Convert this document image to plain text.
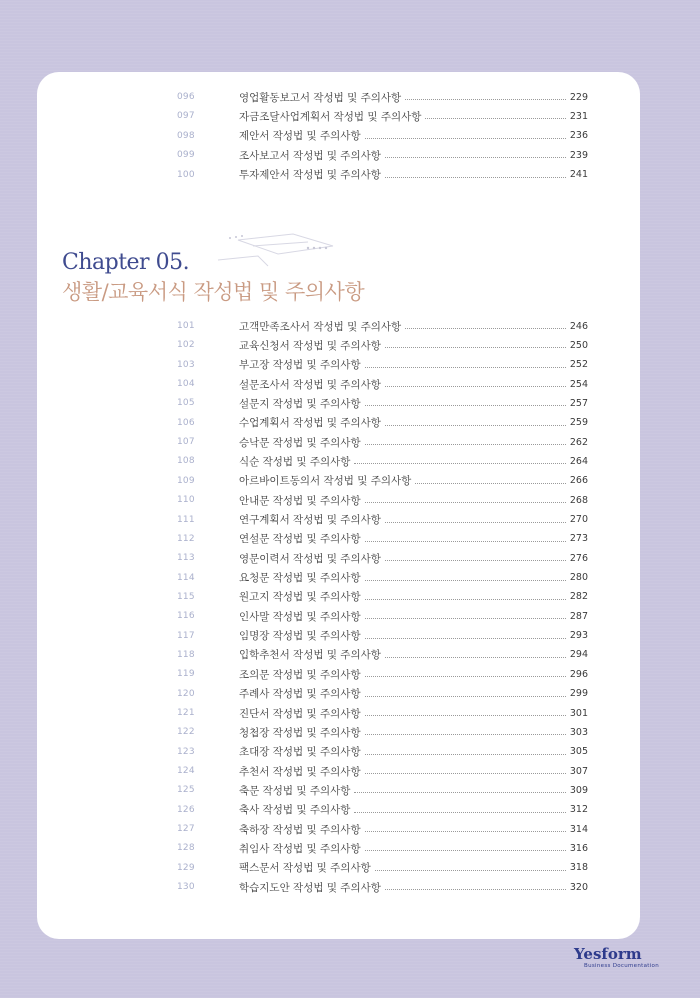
096	영업활동보고서 작성법 및 주의사항	229
097	자금조달사업계획서 작성법 및 주의사항	231
098	제안서 작성법 및 주의사항	236
099	조사보고서 작성법 및 주의사항	239
100	투자제안서 작성법 및 주의사항	241
Chapter 05.
생활/교육서식 작성법 및 주의사항
101	고객만족조사서 작성법 및 주의사항	246
102	교육신청서 작성법 및 주의사항	250
103	부고장 작성법 및 주의사항	252
104	설문조사서 작성법 및 주의사항	254
105	설문지 작성법 및 주의사항	257
106	수업계획서 작성법 및 주의사항	259
107	승낙문 작성법 및 주의사항	262
108	식순 작성법 및 주의사항	264
109	아르바이트동의서 작성법 및 주의사항	266
110	안내문 작성법 및 주의사항	268
111	연구계획서 작성법 및 주의사항	270
112	연설문 작성법 및 주의사항	273
113	영문이력서 작성법 및 주의사항	276
114	요청문 작성법 및 주의사항	280
115	원고지 작성법 및 주의사항	282
116	인사말 작성법 및 주의사항	287
117	임명장 작성법 및 주의사항	293
118	입학추천서 작성법 및 주의사항	294
119	조의문 작성법 및 주의사항	296
120	주례사 작성법 및 주의사항	299
121	진단서 작성법 및 주의사항	301
122	청첩장 작성법 및 주의사항	303
123	초대장 작성법 및 주의사항	305
124	추천서 작성법 및 주의사항	307
125	축문 작성법 및 주의사항	309
126	축사 작성법 및 주의사항	312
127	축하장 작성법 및 주의사항	314
128	취임사 작성법 및 주의사항	316
129	팩스문서 작성법 및 주의사항	318
130	학습지도안 작성법 및 주의사항	320
Yesform
Business Documentation
